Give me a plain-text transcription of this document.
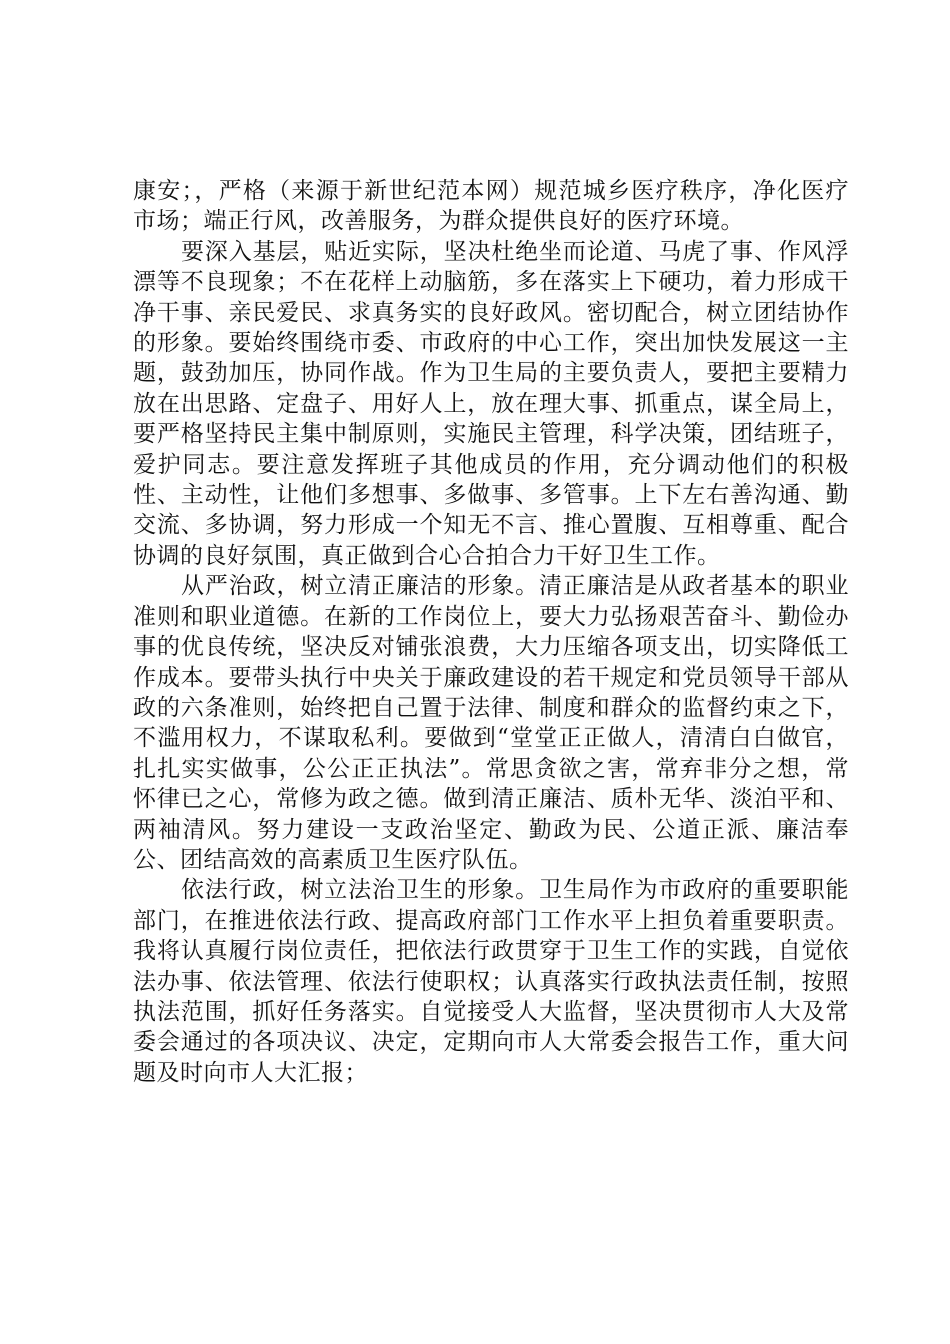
康安；，严格（来源于新世纪范本网）规范城乡医疗秩序，净化医疗市场；端正行风，改善服务，为群众提供良好的医疗环境。

要深入基层，贴近实际，坚决杜绝坐而论道、马虎了事、作风浮漂等不良现象；不在花样上动脑筋，多在落实上下硬功，着力形成干净干事、亲民爱民、求真务实的良好政风。密切配合，树立团结协作的形象。要始终围绕市委、市政府的中心工作，突出加快发展这一主题，鼓劲加压，协同作战。作为卫生局的主要负责人，要把主要精力放在出思路、定盘子、用好人上，放在理大事、抓重点，谋全局上，要严格坚持民主集中制原则，实施民主管理，科学决策，团结班子，爱护同志。要注意发挥班子其他成员的作用，充分调动他们的积极性、主动性，让他们多想事、多做事、多管事。上下左右善沟通、勤交流、多协调，努力形成一个知无不言、推心置腹、互相尊重、配合协调的良好氛围，真正做到合心合拍合力干好卫生工作。

从严治政，树立清正廉洁的形象。清正廉洁是从政者基本的职业准则和职业道德。在新的工作岗位上，要大力弘扬艰苦奋斗、勤俭办事的优良传统，坚决反对铺张浪费，大力压缩各项支出，切实降低工作成本。要带头执行中央关于廉政建设的若干规定和党员领导干部从政的六条准则，始终把自己置于法律、制度和群众的监督约束之下，不滥用权力，不谋取私利。要做到“堂堂正正做人，清清白白做官，扎扎实实做事，公公正正执法”。常思贪欲之害，常弃非分之想，常怀律已之心，常修为政之德。做到清正廉洁、质朴无华、淡泊平和、两袖清风。努力建设一支政治坚定、勤政为民、公道正派、廉洁奉公、团结高效的高素质卫生医疗队伍。

依法行政，树立法治卫生的形象。卫生局作为市政府的重要职能部门，在推进依法行政、提高政府部门工作水平上担负着重要职责。我将认真履行岗位责任，把依法行政贯穿于卫生工作的实践，自觉依法办事、依法管理、依法行使职权；认真落实行政执法责任制，按照执法范围，抓好任务落实。自觉接受人大监督，坚决贯彻市人大及常委会通过的各项决议、决定，定期向市人大常委会报告工作，重大问题及时向市人大汇报；
